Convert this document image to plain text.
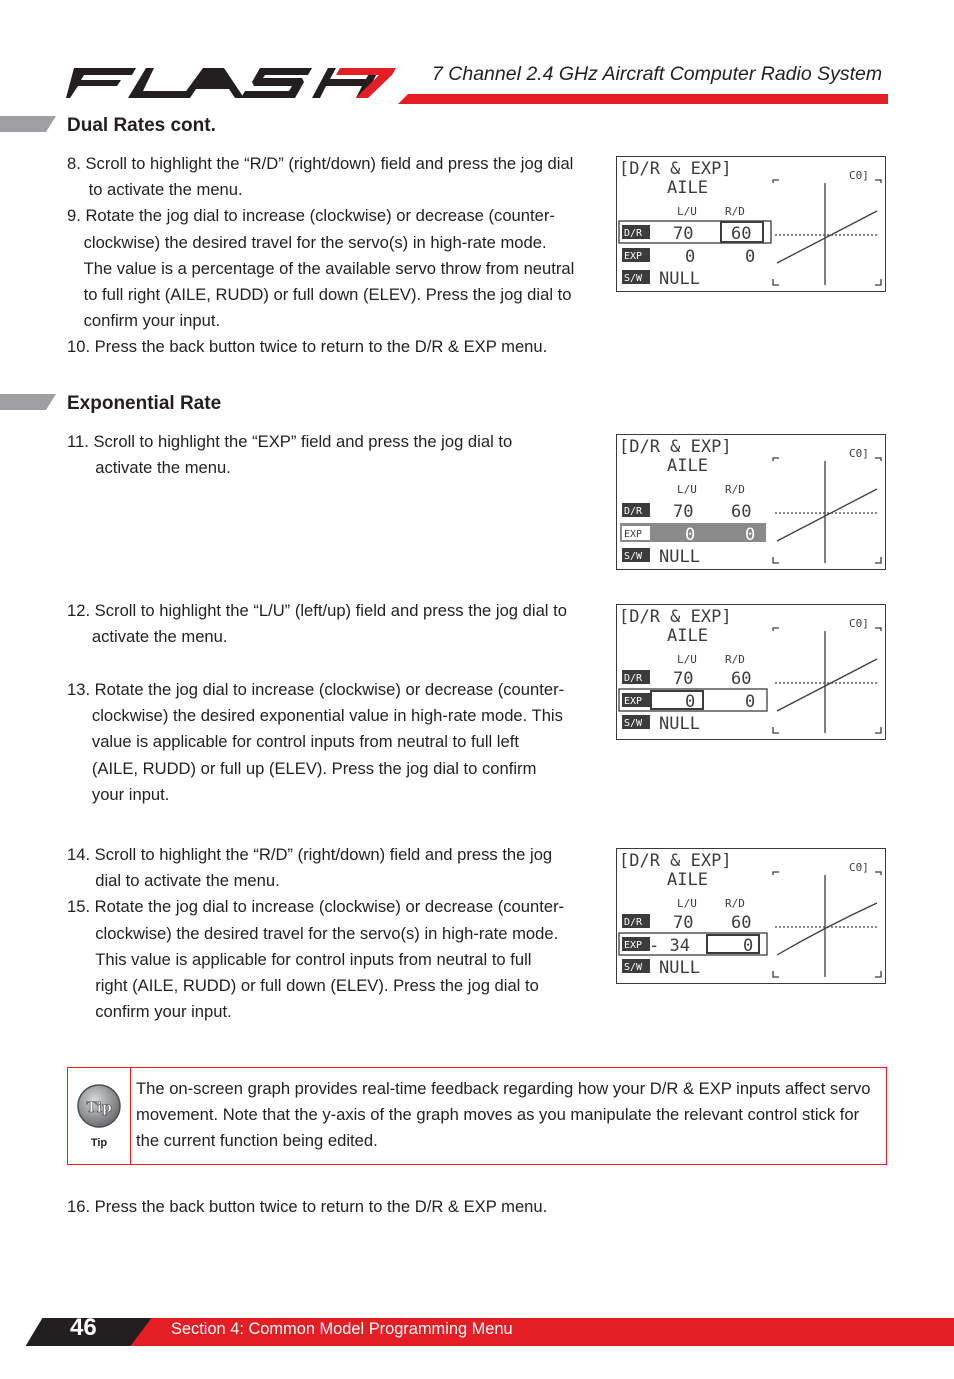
7 Channel 2.4 GHz Aircraft Computer Radio System
Dual Rates cont.

8. Scroll to highlight the “R/D” (right/down) field and press the jog dial to activate the menu.

9. Rotate the jog dial to increase (clockwise) or decrease (counter-clockwise) the desired travel for the servo(s) in high-rate mode. The value is a percentage of the available servo throw from neutral to full right (AILE, RUDD) or full down (ELEV). Press the jog dial to confirm your input.

10. Press the back button twice to return to the D/R & EXP menu.

Exponential Rate

11. Scroll to highlight the “EXP” field and press the jog dial to activate the menu.

12. Scroll to highlight the “L/U” (left/up) field and press the jog dial to activate the menu.

13. Rotate the jog dial to increase (clockwise) or decrease (counter-clockwise) the desired exponential value in high-rate mode. This value is applicable for control inputs from neutral to full left (AILE, RUDD) or full up (ELEV). Press the jog dial to confirm your input.

14. Scroll to highlight the “R/D” (right/down) field and press the jog dial to activate the menu.

15. Rotate the jog dial to increase (clockwise) or decrease (counter-clockwise) the desired travel for the servo(s) in high-rate mode. This value is applicable for control inputs from neutral to full right (AILE, RUDD) or full down (ELEV). Press the jog dial to confirm your input.

[D/R & EXP]	C0]
AILE
L/U	R/D
D/R 70 60
EXP	0	0
S/W NULL
[D/R & EXP]	C0]
AILE
L/U	R/D
D/R 70 60
EXP	0	0
S/W NULL
[D/R & EXP]	C0]
AILE
L/U	R/D
D/R 70 60
EXP	0	0
S/W NULL
[D/R & EXP]	C0]
AILE
L/U	R/D
D/R 70 60
EXP - 34	0
S/W NULL
Tip
Tip
The on-screen graph provides real-time feedback regarding how your D/R & EXP inputs affect servo movement. Note that the y-axis of the graph moves as you manipulate the relevant control stick for the current function being edited.

16. Press the back button twice to return to the D/R & EXP menu.

46	Section 4: Common Model Programming Menu
